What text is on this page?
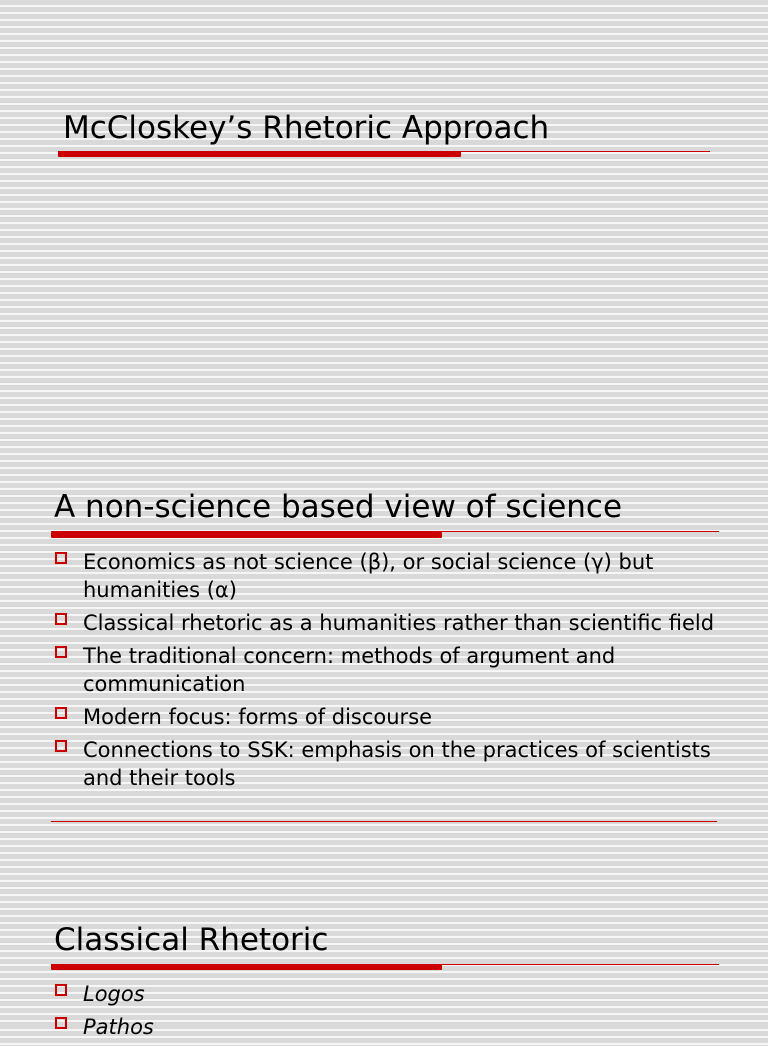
McCloskey’s Rhetoric Approach
A non-science based view of science
Economics as not science (β), or social science (γ) but humanities (α)
Classical rhetoric as a humanities rather than scientific field
The traditional concern: methods of argument and communication
Modern focus: forms of discourse
Connections to SSK: emphasis on the practices of scientists and their tools
Classical Rhetoric
Logos
Pathos
